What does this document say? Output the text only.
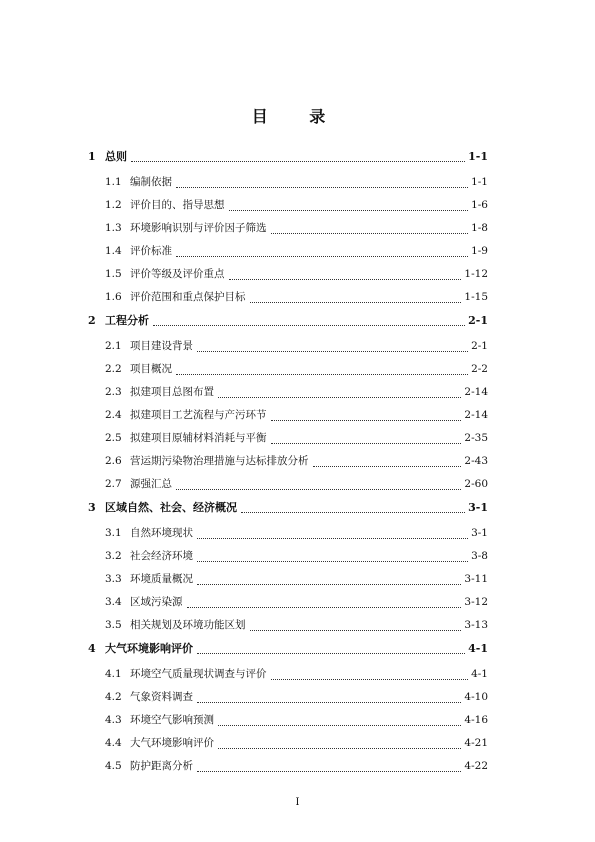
目 录
1 总则	1-1
1.1 编制依据	1-1
1.2 评价目的、指导思想	1-6
1.3 环境影响识别与评价因子筛选	1-8
1.4 评价标准	1-9
1.5 评价等级及评价重点	1-12
1.6 评价范围和重点保护目标	1-15
2 工程分析	2-1
2.1 项目建设背景	2-1
2.2 项目概况	2-2
2.3 拟建项目总图布置	2-14
2.4 拟建项目工艺流程与产污环节	2-14
2.5 拟建项目原辅材料消耗与平衡	2-35
2.6 营运期污染物治理措施与达标排放分析	2-43
2.7 源强汇总	2-60
3 区域自然、社会、经济概况	3-1
3.1 自然环境现状	3-1
3.2 社会经济环境	3-8
3.3 环境质量概况	3-11
3.4 区域污染源	3-12
3.5 相关规划及环境功能区划	3-13
4 大气环境影响评价	4-1
4.1 环境空气质量现状调查与评价	4-1
4.2 气象资料调查	4-10
4.3 环境空气影响预测	4-16
4.4 大气环境影响评价	4-21
4.5 防护距离分析	4-22
I
